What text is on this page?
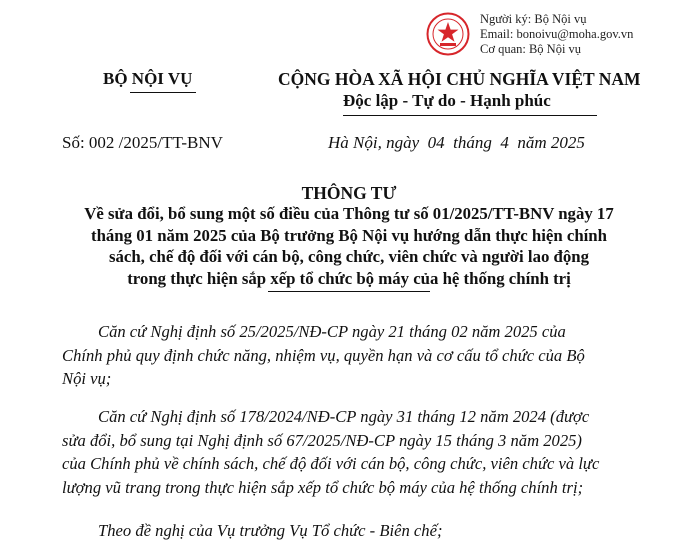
Người ký: Bộ Nội vụ
Email: bonoivu@moha.gov.vn
Cơ quan: Bộ Nội vụ
BỘ NỘI VỤ	CỘNG HÒA XÃ HỘI CHỦ NGHĨA VIỆT NAM
Độc lập - Tự do - Hạnh phúc
Số: 002 /2025/TT-BNV	Hà Nội, ngày  04  tháng  4  năm 2025
THÔNG TƯ
Về sửa đổi, bổ sung một số điều của Thông tư số 01/2025/TT-BNV ngày 17
tháng 01 năm 2025 của Bộ trưởng Bộ Nội vụ hướng dẫn thực hiện chính
sách, chế độ đối với cán bộ, công chức, viên chức và người lao động
trong thực hiện sắp xếp tổ chức bộ máy của hệ thống chính trị
Căn cứ Nghị định số 25/2025/NĐ-CP ngày 21 tháng 02 năm 2025 của
Chính phủ quy định chức năng, nhiệm vụ, quyền hạn và cơ cấu tổ chức của Bộ
Nội vụ;
Căn cứ Nghị định số 178/2024/NĐ-CP ngày 31 tháng 12 năm 2024 (được
sửa đổi, bổ sung tại Nghị định số 67/2025/NĐ-CP ngày 15 tháng 3 năm 2025)
của Chính phủ về chính sách, chế độ đối với cán bộ, công chức, viên chức và lực
lượng vũ trang trong thực hiện sắp xếp tổ chức bộ máy của hệ thống chính trị;
Theo đề nghị của Vụ trưởng Vụ Tổ chức - Biên chế;
